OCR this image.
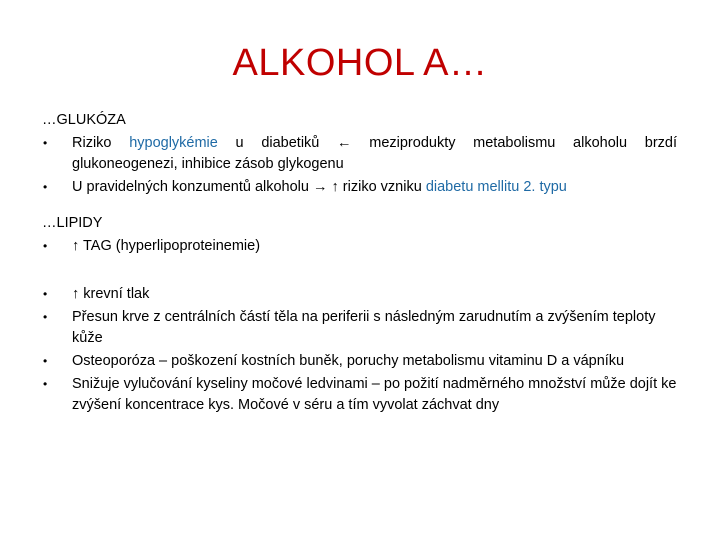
ALKOHOL A…
…GLUKÓZA
• Riziko hypoglykémie u diabetiků ← meziprodukty metabolismu alkoholu brzdí glukoneogenezi, inhibice zásob glykogenu
• U pravidelných konzumentů alkoholu → ↑ riziko vzniku diabetu mellitu 2. typu
…LIPIDY
• ↑ TAG (hyperlipoproteinemie)
• ↑ krevní tlak
• Přesun krve z centrálních částí těla na periferii s následným zarudnutím a zvýšením teploty kůže
• Osteoporóza – poškození kostních buněk, poruchy metabolismu vitaminu D a vápníku
• Snižuje vylučování kyseliny močové ledvinami – po požití nadměrného množství může dojít ke zvýšení koncentrace kys. Močové v séru a tím vyvolat záchvat dny
